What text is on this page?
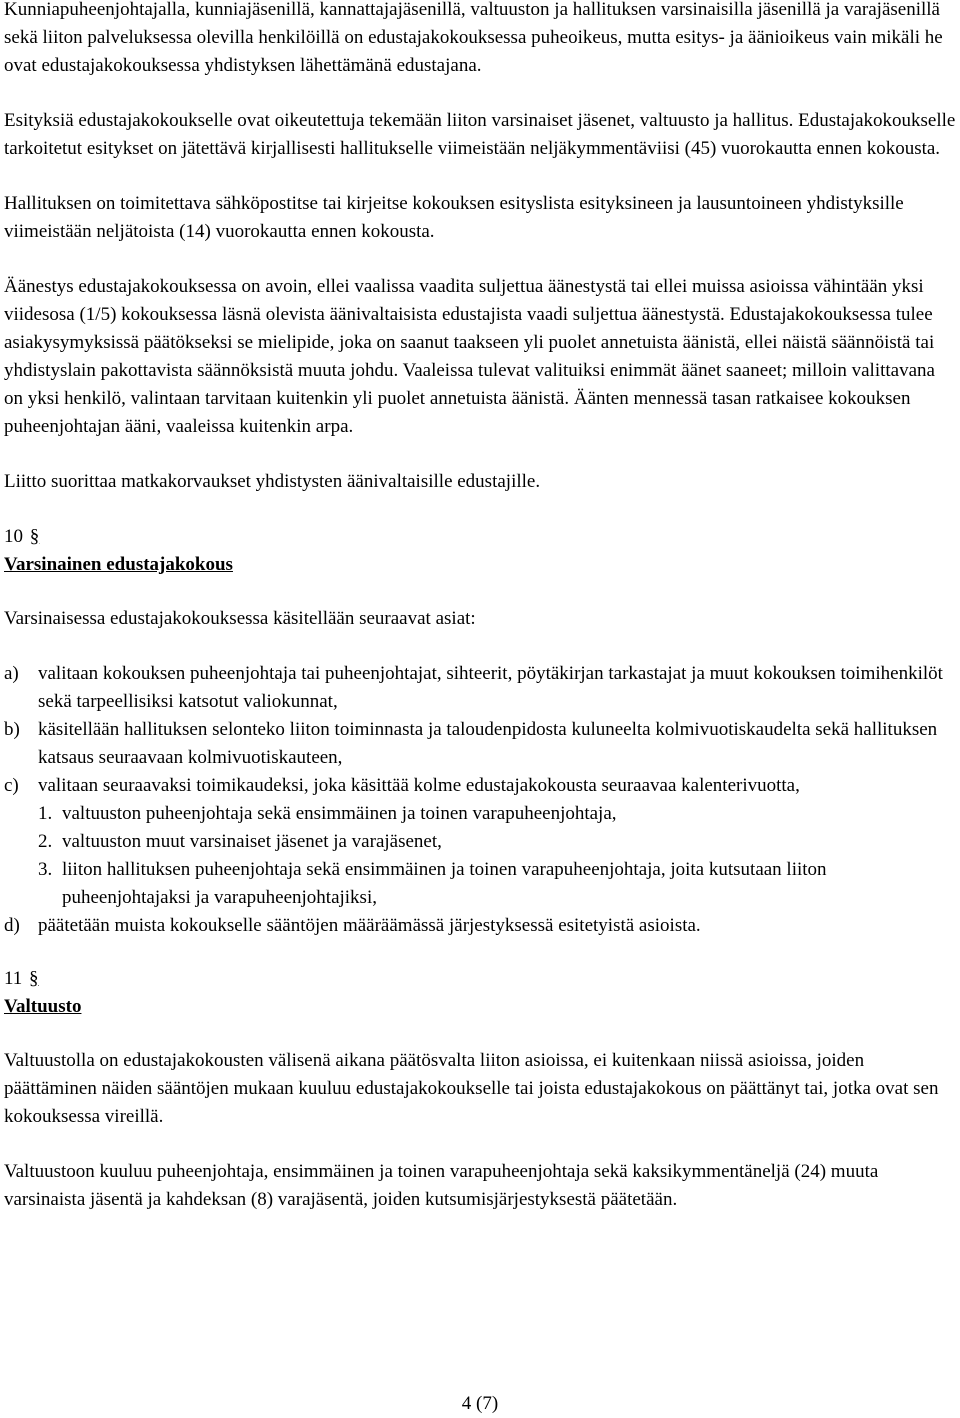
Kunniapuheenjohtajalla, kunniajäsenillä, kannattajajäsenillä, valtuuston ja hallituksen varsinaisilla jäsenillä ja varajäsenillä sekä liiton palveluksessa olevilla henkilöillä on edustajakokouksessa puheoikeus, mutta esitys- ja äänioikeus vain mikäli he ovat edustajakokouksessa yhdistyksen lähettämänä edustajana.

Esityksiä edustajakokoukselle ovat oikeutettuja tekemään liiton varsinaiset jäsenet, valtuusto ja hallitus. Edustajakokoukselle tarkoitetut esitykset on jätettävä kirjallisesti hallitukselle viimeistään neljäkymmentäviisi (45) vuorokautta ennen kokousta.

Hallituksen on toimitettava sähköpostitse tai kirjeitse kokouksen esityslista esityksineen ja lausuntoineen yhdistyksille viimeistään neljätoista (14) vuorokautta ennen kokousta.

Äänestys edustajakokouksessa on avoin, ellei vaalissa vaadita suljettua äänestystä tai ellei muissa asioissa vähintään yksi viidesosa (1/5) kokouksessa läsnä olevista äänivaltaisista edustajista vaadi suljettua äänestystä. Edustajakokouksessa tulee asiakysymyksissä päätökseksi se mielipide, joka on saanut taakseen yli puolet annetuista äänistä, ellei näistä säännöistä tai yhdistyslain pakottavista säännöksistä muuta johdu. Vaaleissa tulevat valituiksi enimmät äänet saaneet; milloin valittavana on yksi henkilö, valintaan tarvitaan kuitenkin yli puolet annetuista äänistä. Äänten mennessä tasan ratkaisee kokouksen puheenjohtajan ääni, vaaleissa kuitenkin arpa.

Liitto suorittaa matkakorvaukset yhdistysten äänivaltaisille edustajille.

10 §
Varsinainen edustajakokous

Varsinaisessa edustajakokouksessa käsitellään seuraavat asiat:

a) valitaan kokouksen puheenjohtaja tai puheenjohtajat, sihteerit, pöytäkirjan tarkastajat ja muut kokouksen toimihenkilöt sekä tarpeellisiksi katsotut valiokunnat,
b) käsitellään hallituksen selonteko liiton toiminnasta ja taloudenpidosta kuluneelta kolmivuotiskaudelta sekä hallituksen katsaus seuraavaan kolmivuotiskauteen,
c) valitaan seuraavaksi toimikaudeksi, joka käsittää kolme edustajakokousta seuraavaa kalenterivuotta,
1. valtuuston puheenjohtaja sekä ensimmäinen ja toinen varapuheenjohtaja,
2. valtuuston muut varsinaiset jäsenet ja varajäsenet,
3. liiton hallituksen puheenjohtaja sekä ensimmäinen ja toinen varapuheenjohtaja, joita kutsutaan liiton puheenjohtajaksi ja varapuheenjohtajiksi,
d) päätetään muista kokoukselle sääntöjen määräämässä järjestyksessä esitetyistä asioista.
11 §
Valtuusto

Valtuustolla on edustajakokousten välisenä aikana päätösvalta liiton asioissa, ei kuitenkaan niissä asioissa, joiden päättäminen näiden sääntöjen mukaan kuuluu edustajakokoukselle tai joista edustajakokous on päättänyt tai, jotka ovat sen kokouksessa vireillä.

Valtuustoon kuuluu puheenjohtaja, ensimmäinen ja toinen varapuheenjohtaja sekä kaksikymmentäneljä (24) muuta varsinaista jäsentä ja kahdeksan (8) varajäsentä, joiden kutsumisjärjestyksestä päätetään.

4 (7)
